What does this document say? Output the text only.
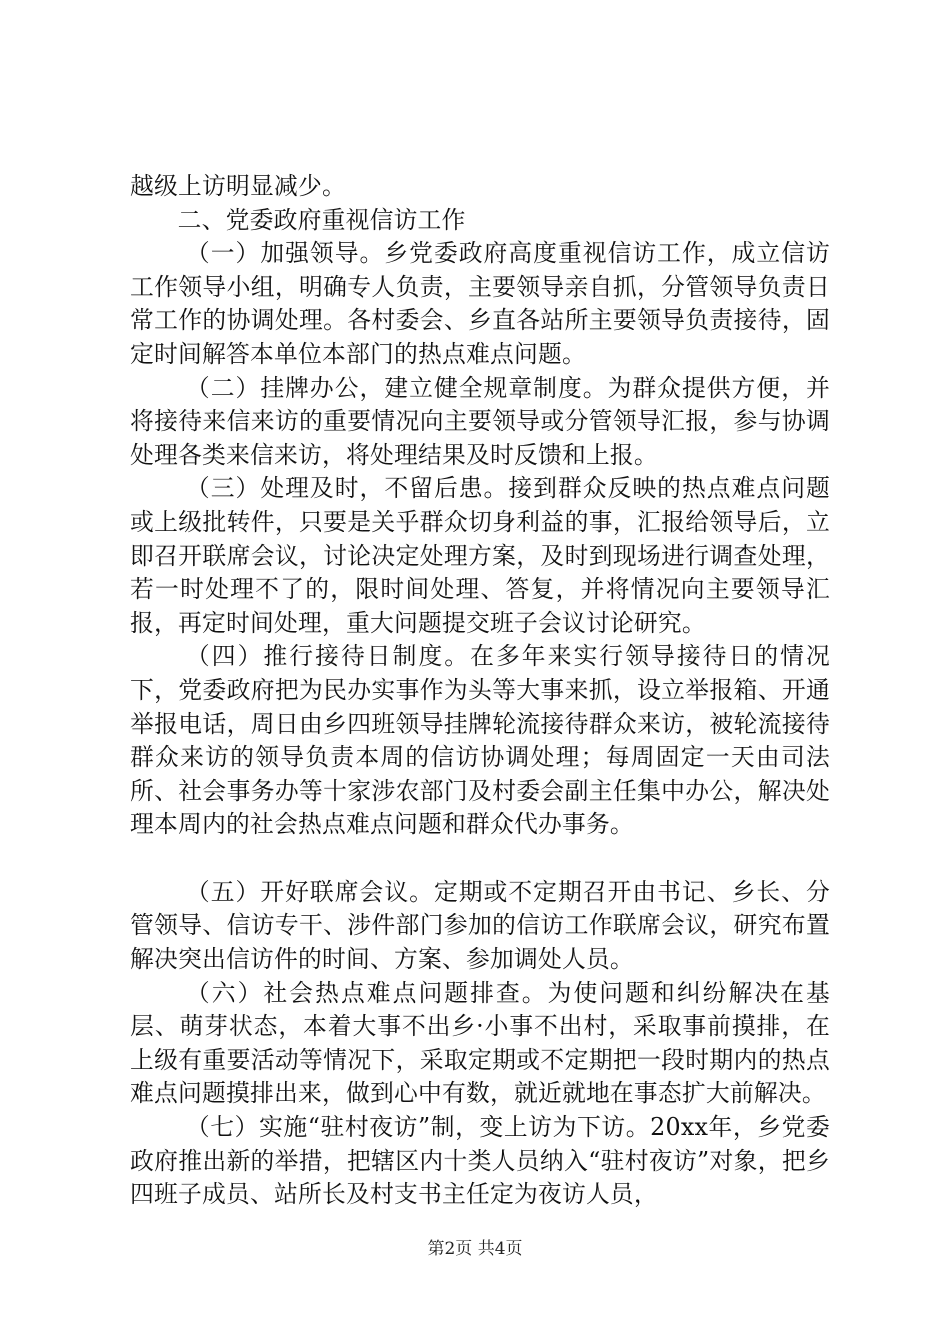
越级上访明显减少。

二、党委政府重视信访工作

（一）加强领导。乡党委政府高度重视信访工作，成立信访工作领导小组，明确专人负责，主要领导亲自抓，分管领导负责日常工作的协调处理。各村委会、乡直各站所主要领导负责接待，固定时间解答本单位本部门的热点难点问题。

（二）挂牌办公，建立健全规章制度。为群众提供方便，并将接待来信来访的重要情况向主要领导或分管领导汇报，参与协调处理各类来信来访，将处理结果及时反馈和上报。

（三）处理及时，不留后患。接到群众反映的热点难点问题或上级批转件，只要是关乎群众切身利益的事，汇报给领导后，立即召开联席会议，讨论决定处理方案，及时到现场进行调查处理，若一时处理不了的，限时间处理、答复，并将情况向主要领导汇报，再定时间处理，重大问题提交班子会议讨论研究。

（四）推行接待日制度。在多年来实行领导接待日的情况下，党委政府把为民办实事作为头等大事来抓，设立举报箱、开通举报电话，周日由乡四班领导挂牌轮流接待群众来访，被轮流接待群众来访的领导负责本周的信访协调处理；每周固定一天由司法所、社会事务办等十家涉农部门及村委会副主任集中办公，解决处理本周内的社会热点难点问题和群众代办事务。

（五）开好联席会议。定期或不定期召开由书记、乡长、分管领导、信访专干、涉件部门参加的信访工作联席会议，研究布置解决突出信访件的时间、方案、参加调处人员。

（六）社会热点难点问题排查。为使问题和纠纷解决在基层、萌芽状态，本着大事不出乡·小事不出村，采取事前摸排，在上级有重要活动等情况下，采取定期或不定期把一段时期内的热点难点问题摸排出来，做到心中有数，就近就地在事态扩大前解决。

（七）实施“驻村夜访”制，变上访为下访。20xx年，乡党委政府推出新的举措，把辖区内十类人员纳入“驻村夜访”对象，把乡四班子成员、站所长及村支书主任定为夜访人员，

第2页 共4页
